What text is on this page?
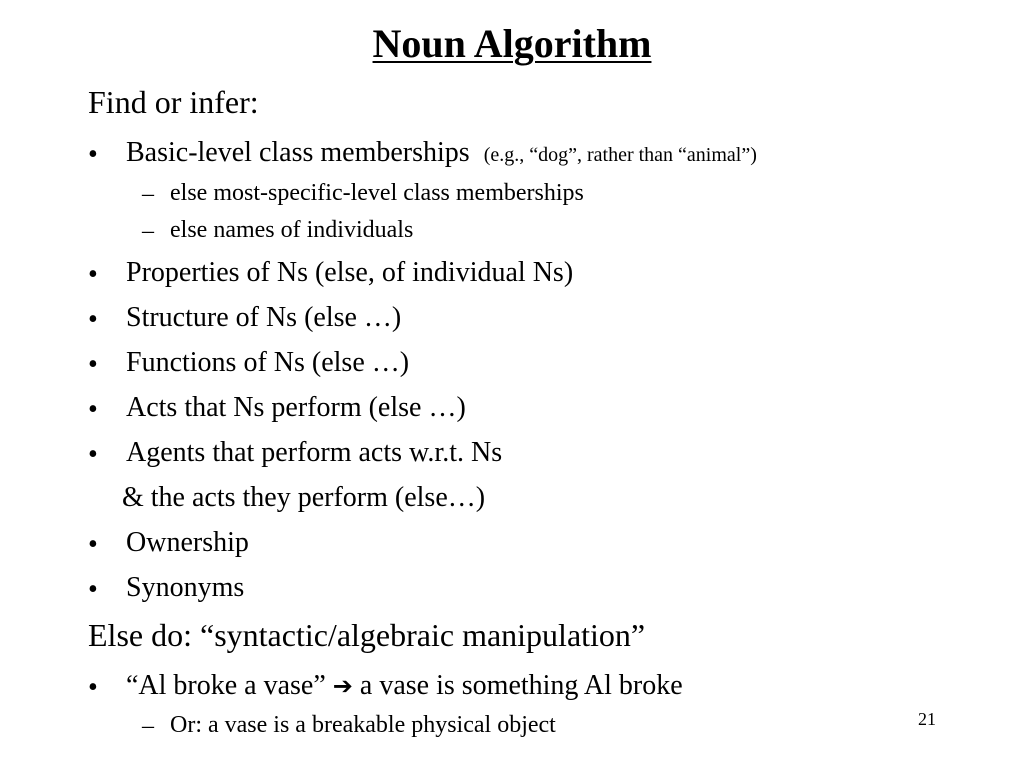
Noun Algorithm
Find or infer:
• Basic-level class memberships (e.g., “dog”, rather than “animal”)
– else most-specific-level class memberships
– else names of individuals
• Properties of Ns (else, of individual Ns)
• Structure of Ns (else …)
• Functions of Ns (else …)
• Acts that Ns perform (else …)
• Agents that perform acts w.r.t. Ns
& the acts they perform (else…)
• Ownership
• Synonyms
Else do: “syntactic/algebraic manipulation”
• “Al broke a vase” ➔ a vase is something Al broke
– Or: a vase is a breakable physical object	21
